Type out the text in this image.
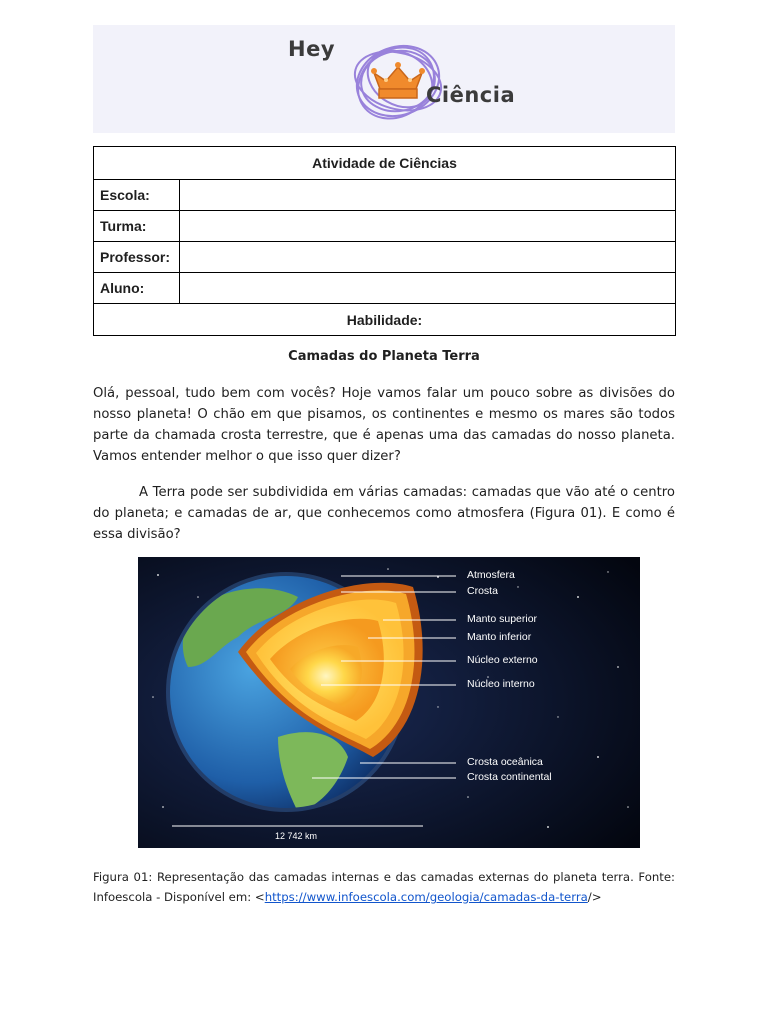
Hey
Ciência
Atividade de Ciências	
Escola:	
Turma:	
Professor:	
Aluno:	
Habilidade:	
Camadas do Planeta Terra

Olá, pessoal, tudo bem com vocês? Hoje vamos falar um pouco sobre as divisões do nosso planeta! O chão em que pisamos, os continentes e mesmo os mares são todos parte da chamada crosta terrestre, que é apenas uma das camadas do nosso planeta. Vamos entender melhor o que isso quer dizer?

A Terra pode ser subdividida em várias camadas: camadas que vão até o centro do planeta; e camadas de ar, que conhecemos como atmosfera (Figura 01). E como é essa divisão?

Atmosfera
Crosta
Manto superior
Manto inferior
Núcleo externo
Núcleo interno
Crosta oceânica
Crosta continental
12 742 km

Figura 01: Representação das camadas internas e das camadas externas do planeta terra. Fonte: Infoescola - Disponível em: <https://www.infoescola.com/geologia/camadas-da-terra/>
